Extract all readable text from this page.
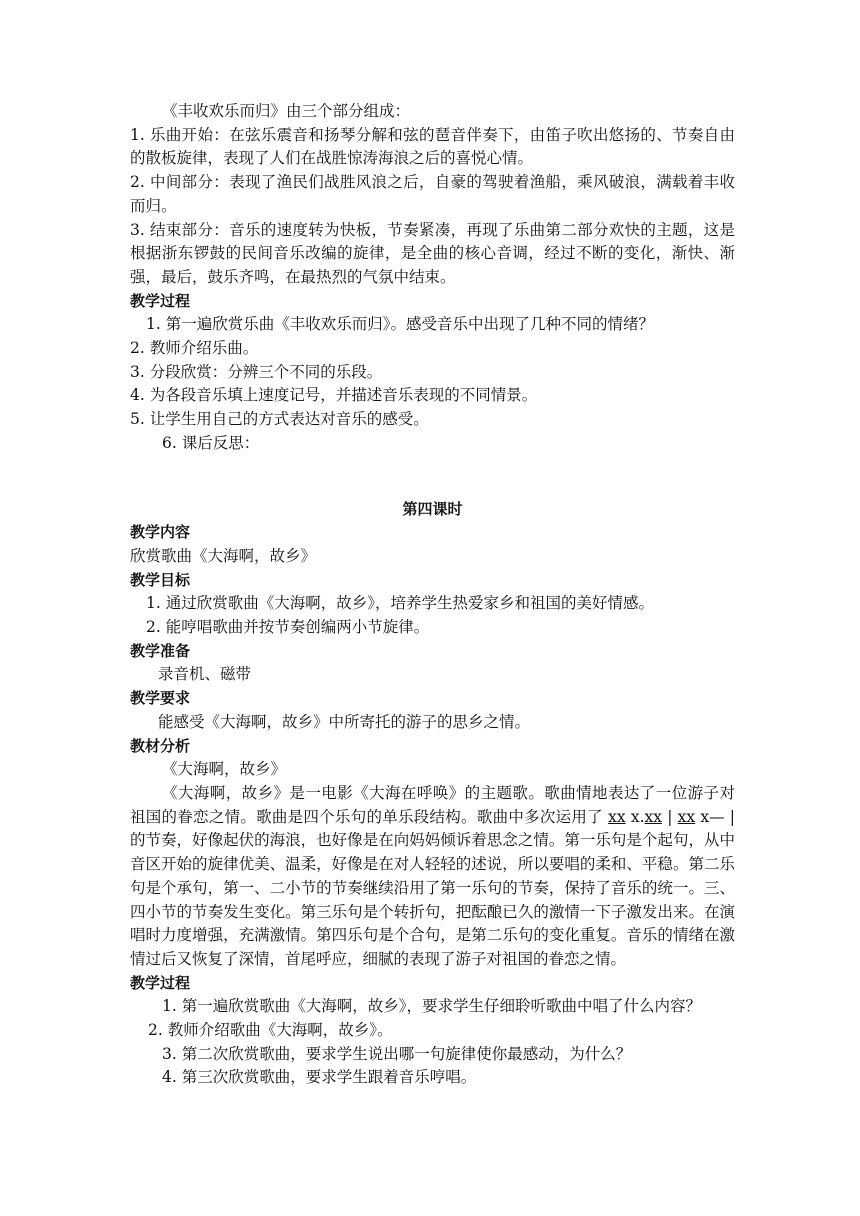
《丰收欢乐而归》由三个部分组成：

1. 乐曲开始：在弦乐震音和扬琴分解和弦的琶音伴奏下，由笛子吹出悠扬的、节奏自由的散板旋律，表现了人们在战胜惊涛海浪之后的喜悦心情。

2. 中间部分：表现了渔民们战胜风浪之后，自豪的驾驶着渔船，乘风破浪，满载着丰收而归。

3. 结束部分：音乐的速度转为快板，节奏紧凑，再现了乐曲第二部分欢快的主题，这是根据浙东锣鼓的民间音乐改编的旋律，是全曲的核心音调，经过不断的变化，渐快、渐强，最后，鼓乐齐鸣，在最热烈的气氛中结束。

教学过程

1. 第一遍欣赏乐曲《丰收欢乐而归》。感受音乐中出现了几种不同的情绪？

2. 教师介绍乐曲。

3. 分段欣赏：分辨三个不同的乐段。

4. 为各段音乐填上速度记号，并描述音乐表现的不同情景。

5. 让学生用自己的方式表达对音乐的感受。

6. 课后反思：

第四课时

教学内容

欣赏歌曲《大海啊，故乡》

教学目标

1. 通过欣赏歌曲《大海啊，故乡》，培养学生热爱家乡和祖国的美好情感。

2. 能哼唱歌曲并按节奏创编两小节旋律。

教学准备

录音机、磁带

教学要求

能感受《大海啊，故乡》中所寄托的游子的思乡之情。

教材分析

《大海啊，故乡》

《大海啊，故乡》是一电影《大海在呼唤》的主题歌。歌曲情地表达了一位游子对祖国的眷恋之情。歌曲是四个乐句的单乐段结构。歌曲中多次运用了 xx x.xx | xx x— |的节奏，好像起伏的海浪，也好像是在向妈妈倾诉着思念之情。第一乐句是个起句，从中音区开始的旋律优美、温柔，好像是在对人轻轻的述说，所以要唱的柔和、平稳。第二乐句是个承句，第一、二小节的节奏继续沿用了第一乐句的节奏，保持了音乐的统一。三、四小节的节奏发生变化。第三乐句是个转折句，把酝酿已久的激情一下子激发出来。在演唱时力度增强，充满激情。第四乐句是个合句，是第二乐句的变化重复。音乐的情绪在激情过后又恢复了深情，首尾呼应，细腻的表现了游子对祖国的眷恋之情。

教学过程

1. 第一遍欣赏歌曲《大海啊，故乡》，要求学生仔细聆听歌曲中唱了什么内容？

2. 教师介绍歌曲《大海啊，故乡》。

3. 第二次欣赏歌曲，要求学生说出哪一句旋律使你最感动，为什么？

4. 第三次欣赏歌曲，要求学生跟着音乐哼唱。
